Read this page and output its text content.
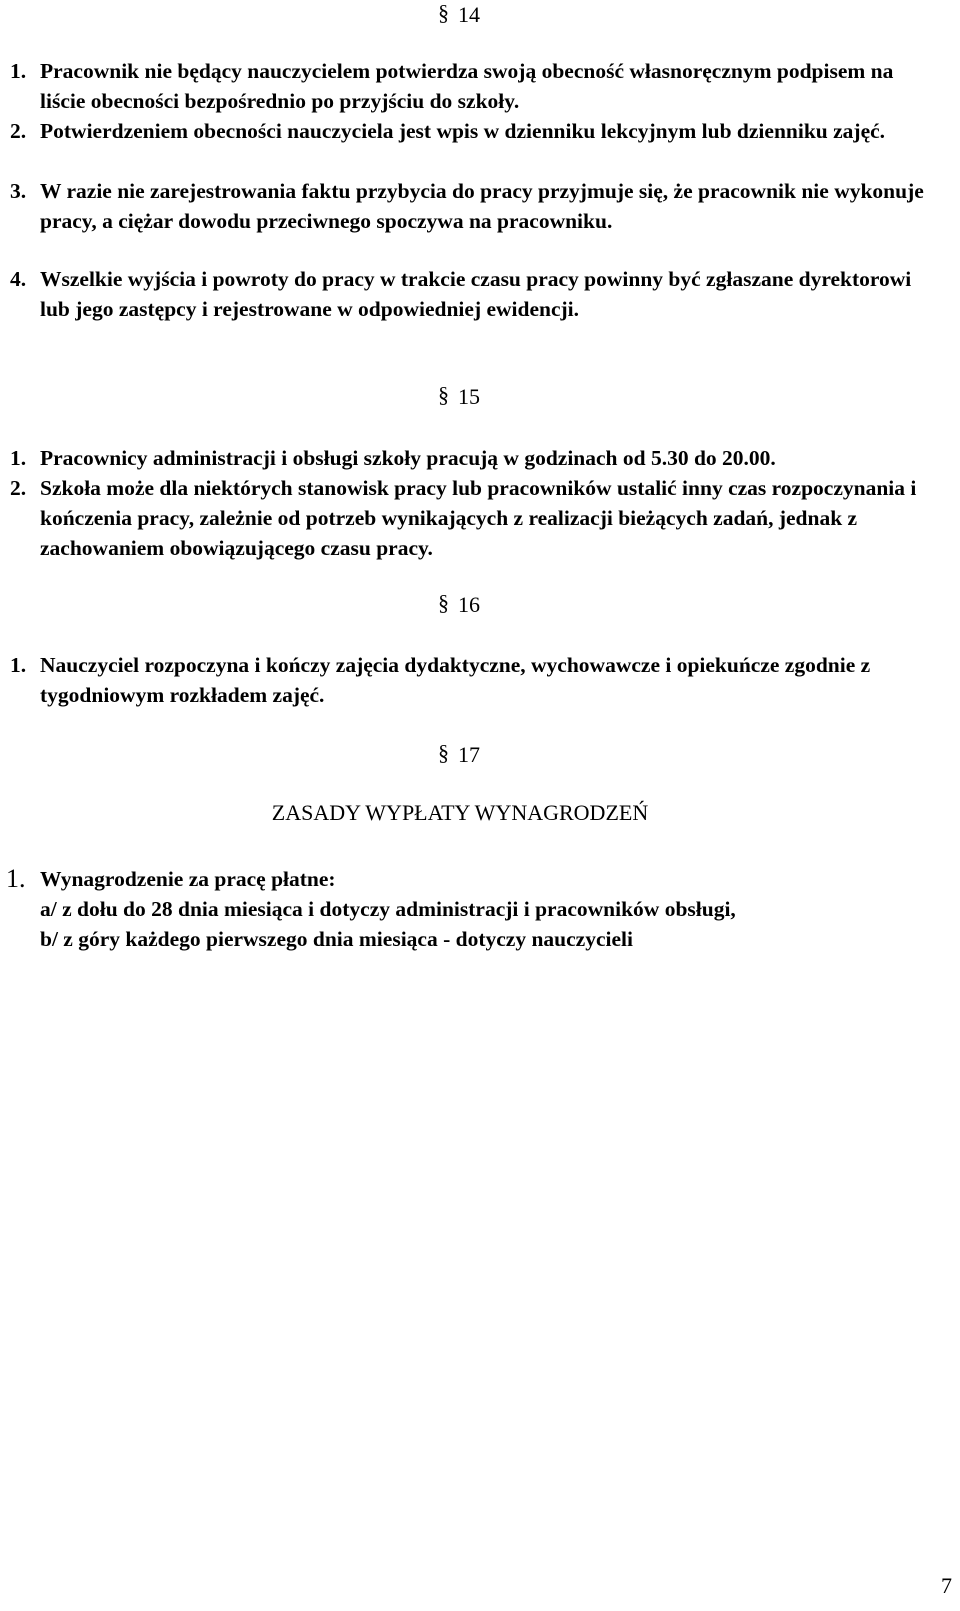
§ 14
1. Pracownik nie będący nauczycielem potwierdza swoją obecność własnoręcznym podpisem na liście obecności bezpośrednio po przyjściu do szkoły.
2. Potwierdzeniem obecności nauczyciela jest wpis w dzienniku lekcyjnym lub dzienniku zajęć.
3. W razie nie zarejestrowania faktu przybycia do pracy przyjmuje się, że pracownik nie wykonuje pracy, a ciężar dowodu przeciwnego spoczywa na pracowniku.
4. Wszelkie wyjścia i powroty do pracy w trakcie czasu pracy powinny być zgłaszane dyrektorowi lub jego zastępcy i rejestrowane w odpowiedniej ewidencji.
§ 15
1. Pracownicy administracji i obsługi szkoły pracują w godzinach od 5.30 do 20.00.
2. Szkoła może dla niektórych stanowisk pracy lub pracowników ustalić inny czas rozpoczynania i kończenia pracy, zależnie od potrzeb wynikających z realizacji bieżących zadań, jednak z zachowaniem obowiązującego czasu pracy.
§ 16
1. Nauczyciel rozpoczyna i kończy zajęcia dydaktyczne, wychowawcze i opiekuńcze zgodnie z tygodniowym rozkładem zajęć.
§ 17
ZASADY WYPŁATY WYNAGRODZEŃ
1. Wynagrodzenie za pracę płatne:
a/ z dołu do 28 dnia miesiąca i dotyczy administracji i pracowników obsługi,
b/ z góry każdego pierwszego dnia miesiąca - dotyczy nauczycieli
7
